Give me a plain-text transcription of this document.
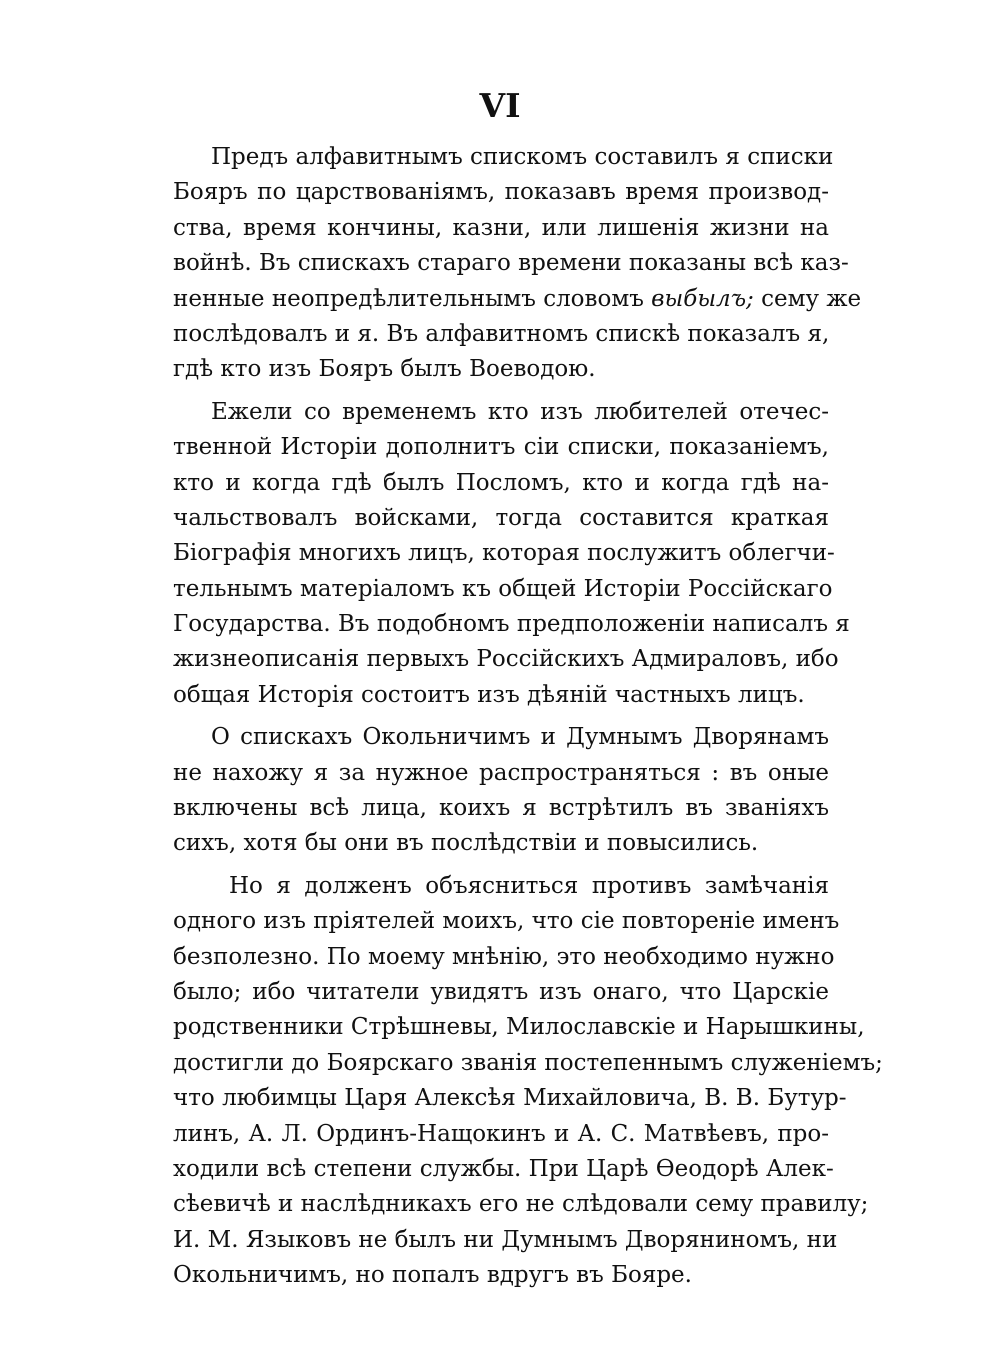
VI

Предъ алфавитнымъ спискомъ составилъ я списки
Бояръ по царствованіямъ, показавъ время производ-
ства, время кончины, казни, или лишенія жизни на
войнѣ. Въ спискахъ стараго времени показаны всѣ каз-
ненные неопредѣлительнымъ словомъ выбылъ; сему же
послѣдовалъ и я. Въ алфавитномъ спискѣ показалъ я,
гдѣ кто изъ Бояръ былъ Воеводою.

Ежели со временемъ кто изъ любителей отечес-
твенной Исторіи дополнитъ сіи списки, показаніемъ,
кто и когда гдѣ былъ Посломъ, кто и когда гдѣ на-
чальствовалъ войсками, тогда составится краткая
Біографія многихъ лицъ, которая послужитъ облегчи-
тельнымъ матеріаломъ къ общей Исторіи Россійскаго
Государства. Въ подобномъ предположеніи написалъ я
жизнеописанія первыхъ Россійскихъ Адмираловъ, ибо
общая Исторія состоитъ изъ дѣяній частныхъ лицъ.

О спискахъ Окольничимъ и Думнымъ Дворянамъ
не нахожу я за нужное распространяться : въ оные
включены всѣ лица, коихъ я встрѣтилъ въ званіяхъ
сихъ, хотя бы они въ послѣдствіи и повысились.

Но я долженъ объясниться противъ замѣчанія
одного изъ пріятелей моихъ, что сіе повтореніе именъ
безполезно. По моему мнѣнію, это необходимо нужно
было; ибо читатели увидятъ изъ онаго, что Царскіе
родственники Стрѣшневы, Милославскіе и Нарышкины,
достигли до Боярскаго званія постепеннымъ служеніемъ;
что любимцы Царя Алексѣя Михайловича, В. В. Бутур-
линъ, А. Л. Ординъ-Нащокинъ и А. С. Матвѣевъ, про-
ходили всѣ степени службы. При Царѣ Ѳеодорѣ Алек-
сѣевичѣ и наслѣдникахъ его не слѣдовали сему правилу;
И. М. Языковъ не былъ ни Думнымъ Дворяниномъ, ни
Окольничимъ, но попалъ вдругъ въ Бояре.
